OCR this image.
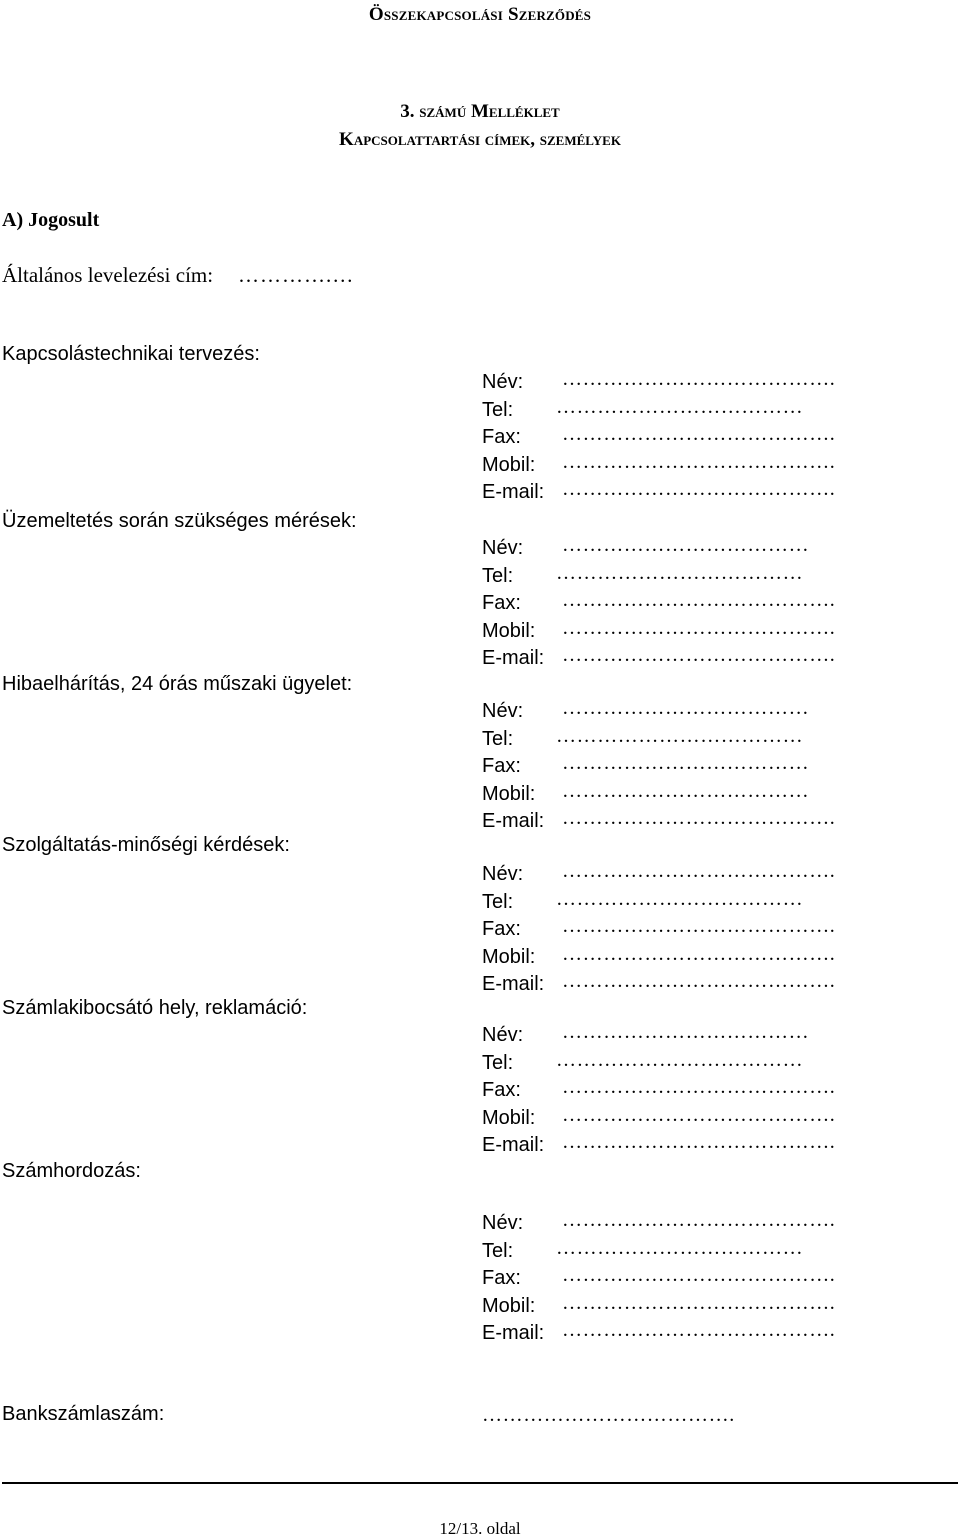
Összekapcsolási Szerződés
3. számú Melléklet
Kapcsolattartási címek, személyek
A) Jogosult
Általános levelezési cím: ………….…
Kapcsolástechnikai tervezés:
Üzemeltetés során szükséges mérések:
Hibaelhárítás, 24 órás műszaki ügyelet:
Szolgáltatás-minőségi kérdések:
Számlakibocsátó hely, reklamáció:
Számhordozás:
Név: ………………………………….
Tel: ………………………………
Fax: ………………………………….
Mobil: ………………………………….
E-mail: ………………………………….
Név: ………………………………
Tel: ………………………………
Fax: ………………………………….
Mobil: ………………………………….
E-mail: ………………………………….
Név: ………………………………
Tel: ………………………………
Fax: ………………………………
Mobil: ………………………………
E-mail: ………………………………….
Név: ………………………………….
Tel: ………………………………
Fax: ………………………………….
Mobil: ………………………………….
E-mail: ………………………………….
Név: ………………………………
Tel: ………………………………
Fax: ………………………………….
Mobil: ………………………………….
E-mail: ………………………………….
Név: ………………………………….
Tel: ………………………………
Fax: ………………………………….
Mobil: ………………………………….
E-mail: ………………………………….
Bankszámlaszám:	……………………………….
12/13. oldal
